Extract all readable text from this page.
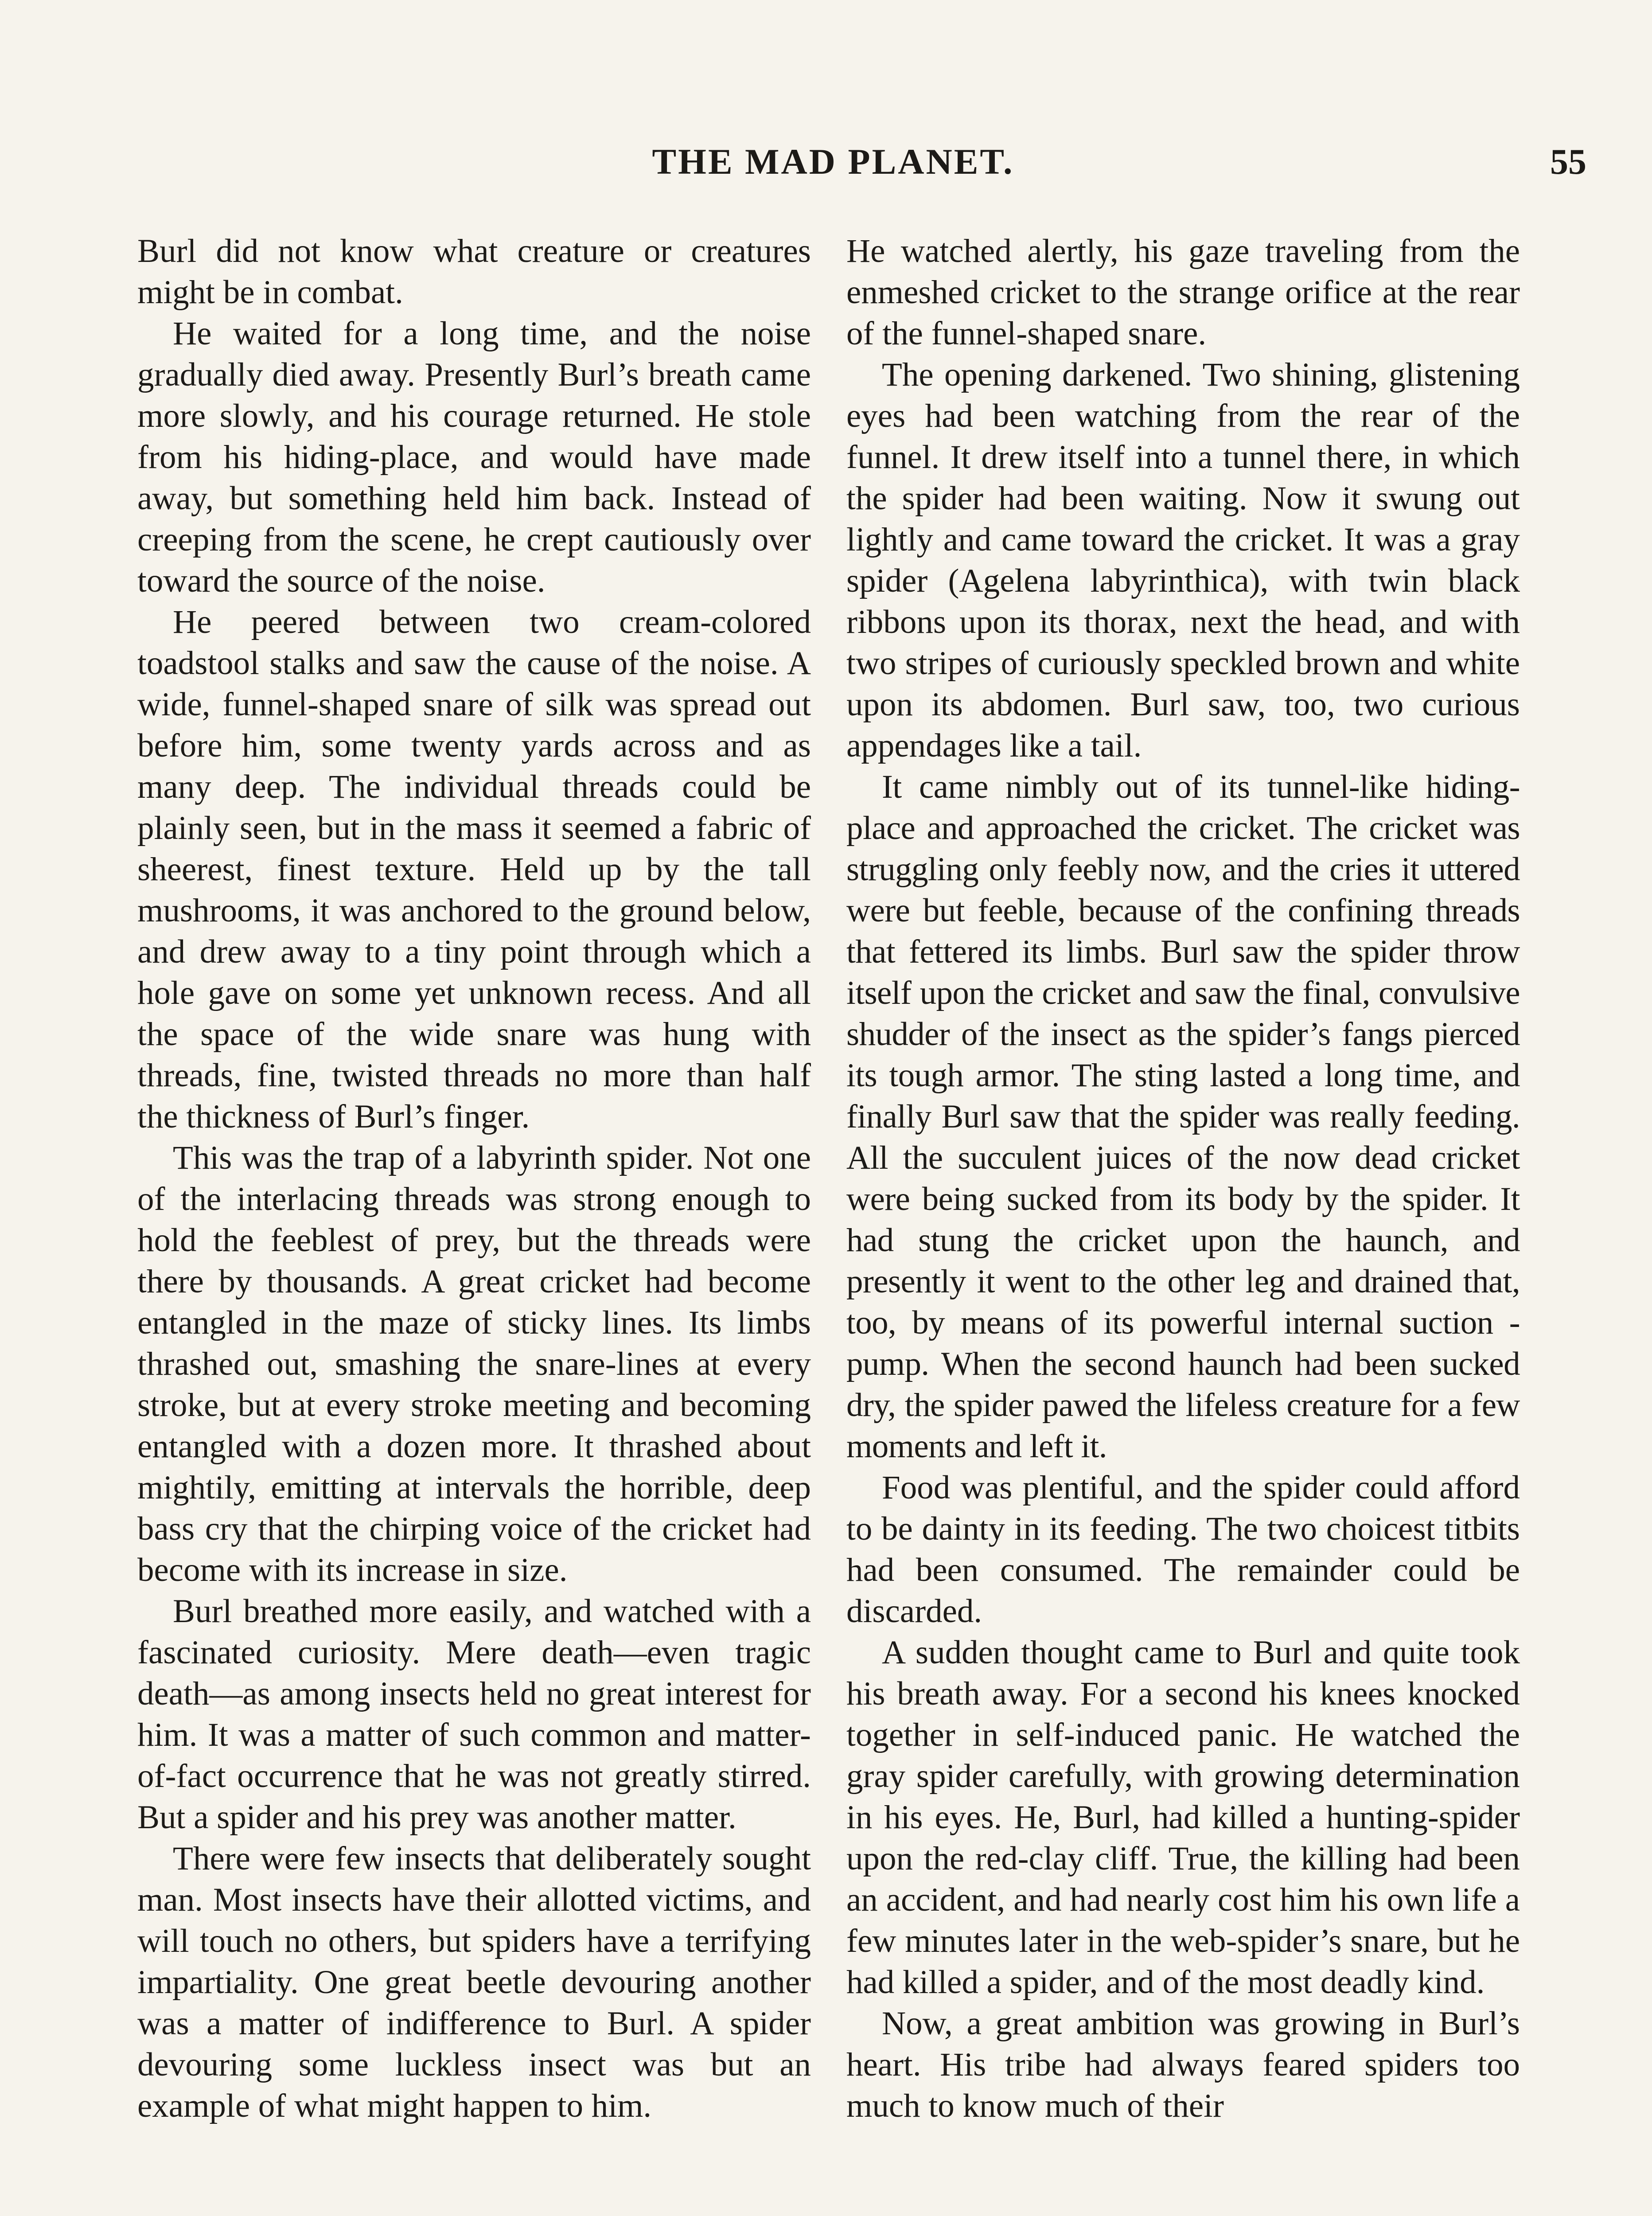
THE MAD PLANET.	55

Burl did not know what creature or creatures might be in combat.

He waited for a long time, and the noise gradually died away. Presently Burl’s breath came more slowly, and his courage returned. He stole from his hiding-place, and would have made away, but something held him back. Instead of creeping from the scene, he crept cautiously over toward the source of the noise.

He peered between two cream-colored toadstool stalks and saw the cause of the noise. A wide, funnel-shaped snare of silk was spread out before him, some twenty yards across and as many deep. The individual threads could be plainly seen, but in the mass it seemed a fabric of sheerest, finest texture. Held up by the tall mushrooms, it was anchored to the ground below, and drew away to a tiny point through which a hole gave on some yet unknown recess. And all the space of the wide snare was hung with threads, fine, twisted threads no more than half the thickness of Burl’s finger.

This was the trap of a labyrinth spider. Not one of the interlacing threads was strong enough to hold the feeblest of prey, but the threads were there by thousands. A great cricket had become entangled in the maze of sticky lines. Its limbs thrashed out, smashing the snare-lines at every stroke, but at every stroke meeting and becoming entangled with a dozen more. It thrashed about mightily, emitting at intervals the horrible, deep bass cry that the chirping voice of the cricket had become with its increase in size.

Burl breathed more easily, and watched with a fascinated curiosity. Mere death—even tragic death—as among insects held no great interest for him. It was a matter of such common and matter-of-fact occurrence that he was not greatly stirred. But a spider and his prey was another matter.

There were few insects that deliberately sought man. Most insects have their allotted victims, and will touch no others, but spiders have a terrifying impartiality. One great beetle devouring another was a matter of indifference to Burl. A spider devouring some luckless insect was but an example of what might happen to him.

He watched alertly, his gaze traveling from the enmeshed cricket to the strange orifice at the rear of the funnel-shaped snare.

The opening darkened. Two shining, glistening eyes had been watching from the rear of the funnel. It drew itself into a tunnel there, in which the spider had been waiting. Now it swung out lightly and came toward the cricket. It was a gray spider (Agelena labyrinthica), with twin black ribbons upon its thorax, next the head, and with two stripes of curiously speckled brown and white upon its abdomen. Burl saw, too, two curious appendages like a tail.

It came nimbly out of its tunnel-like hiding-place and approached the cricket. The cricket was struggling only feebly now, and the cries it uttered were but feeble, because of the confining threads that fettered its limbs. Burl saw the spider throw itself upon the cricket and saw the final, convulsive shudder of the insect as the spider’s fangs pierced its tough armor. The sting lasted a long time, and finally Burl saw that the spider was really feeding. All the succulent juices of the now dead cricket were being sucked from its body by the spider. It had stung the cricket upon the haunch, and presently it went to the other leg and drained that, too, by means of its powerful internal suction - pump. When the second haunch had been sucked dry, the spider pawed the lifeless creature for a few moments and left it.

Food was plentiful, and the spider could afford to be dainty in its feeding. The two choicest titbits had been consumed. The remainder could be discarded.

A sudden thought came to Burl and quite took his breath away. For a second his knees knocked together in self-induced panic. He watched the gray spider carefully, with growing determination in his eyes. He, Burl, had killed a hunting-spider upon the red-clay cliff. True, the killing had been an accident, and had nearly cost him his own life a few minutes later in the web-spider’s snare, but he had killed a spider, and of the most deadly kind.

Now, a great ambition was growing in Burl’s heart. His tribe had always feared spiders too much to know much of their
